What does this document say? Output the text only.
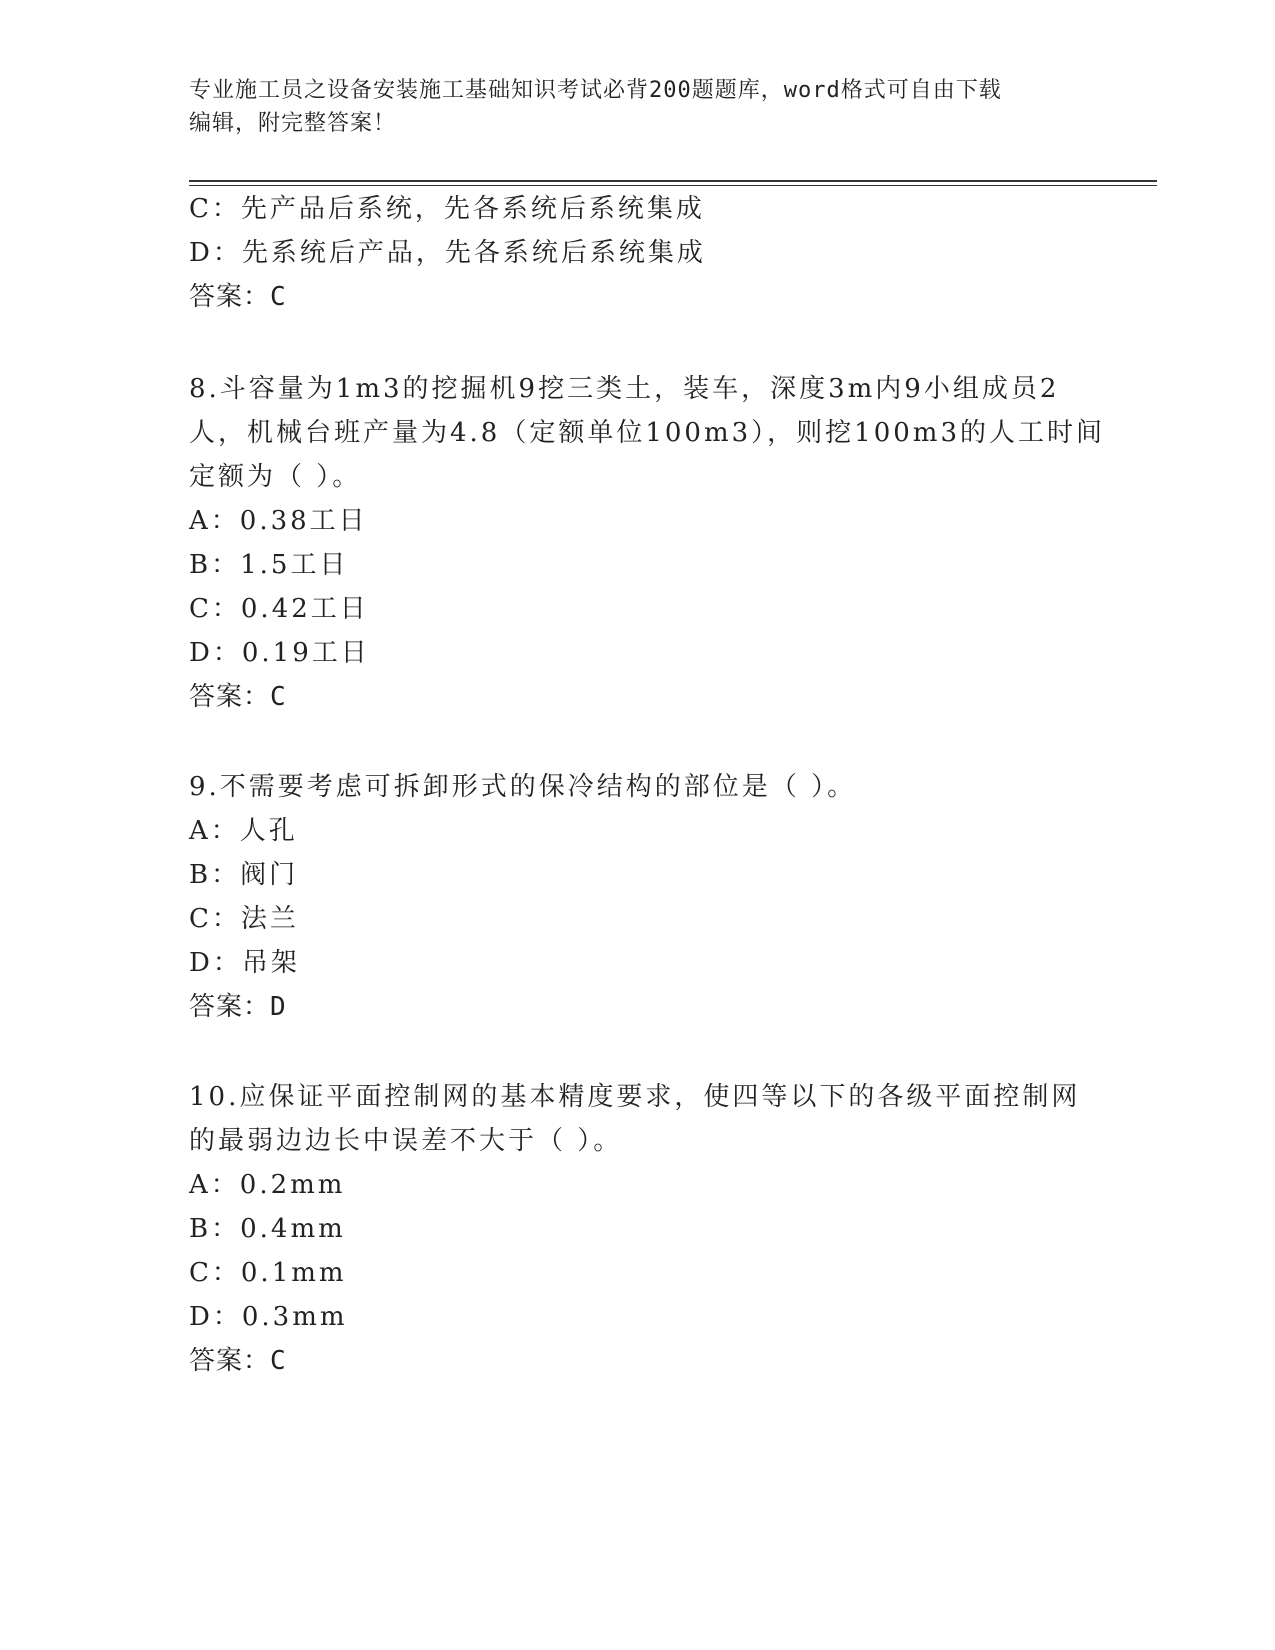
专业施工员之设备安装施工基础知识考试必背200题题库，word格式可自由下载
编辑，附完整答案！
C：先产品后系统，先各系统后系统集成
D：先系统后产品，先各系统后系统集成
答案：C
8.斗容量为1m3的挖掘机9挖三类土，装车，深度3m内9小组成员2
人，机械台班产量为4.8（定额单位100m3），则挖100m3的人工时间
定额为（ ）。
A：0.38工日
B：1.5工日
C：0.42工日
D：0.19工日
答案：C
9.不需要考虑可拆卸形式的保冷结构的部位是（ ）。
A：人孔
B：阀门
C：法兰
D：吊架
答案：D
10.应保证平面控制网的基本精度要求，使四等以下的各级平面控制网
的最弱边边长中误差不大于（ ）。
A：0.2mm
B：0.4mm
C：0.1mm
D：0.3mm
答案：C
